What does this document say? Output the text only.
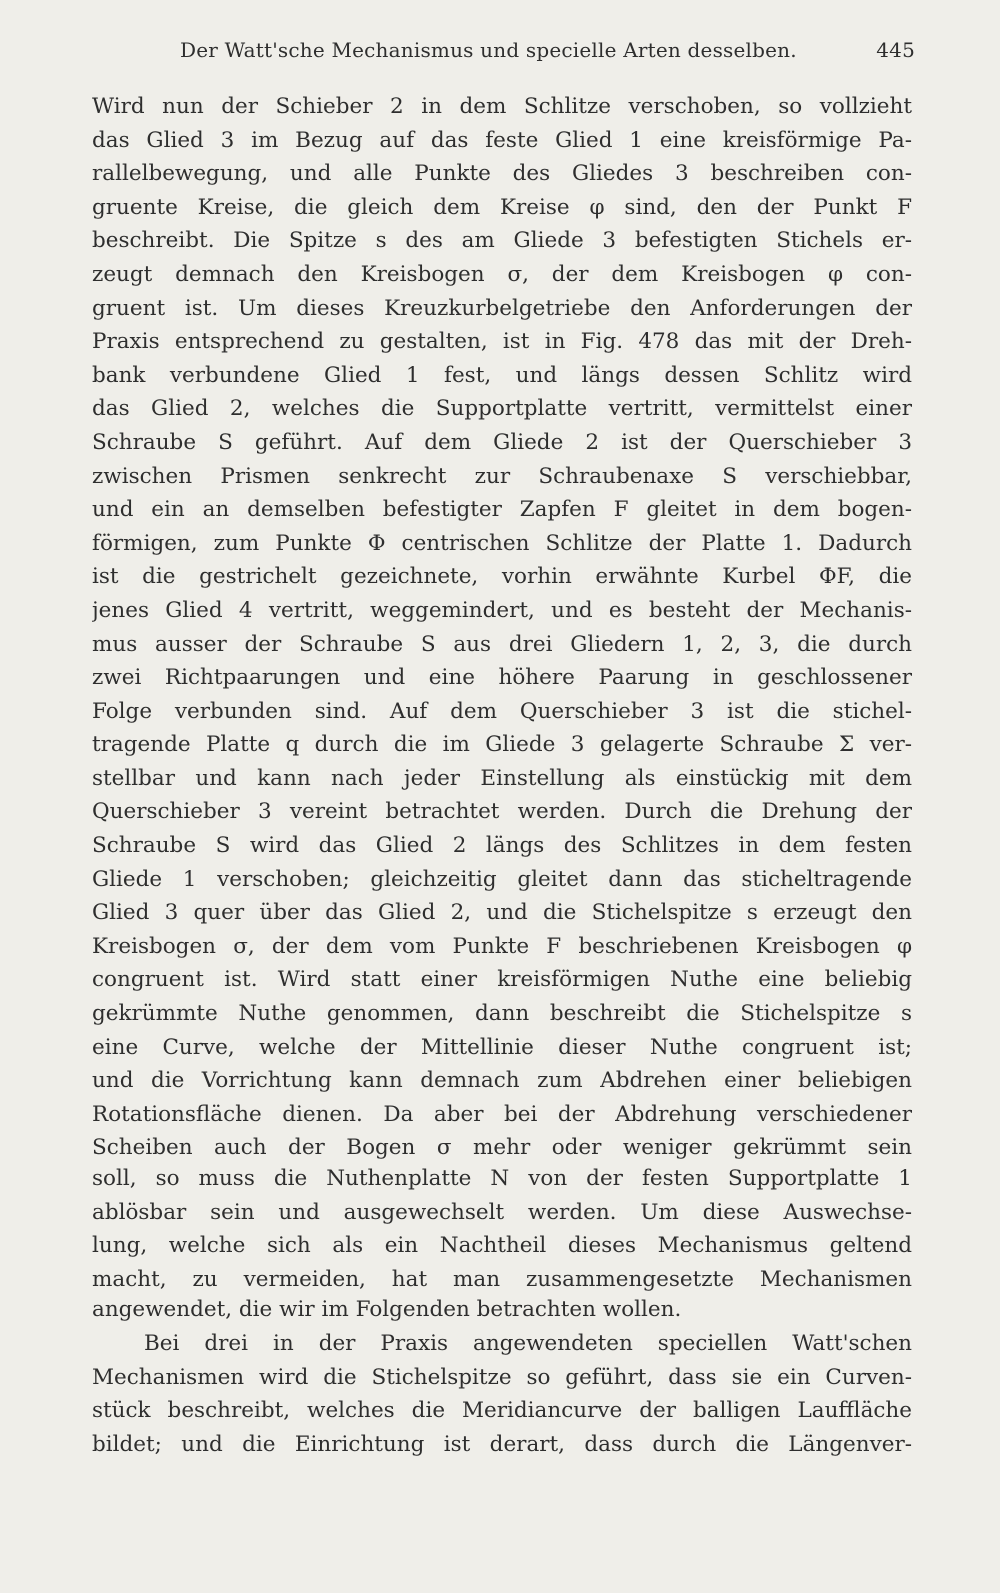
Der Watt'sche Mechanismus und specielle Arten desselben.	445
Wird nun der Schieber 2 in dem Schlitze verschoben, so vollzieht
das Glied 3 im Bezug auf das feste Glied 1 eine kreisförmige Pa-
rallelbewegung, und alle Punkte des Gliedes 3 beschreiben con-
gruente Kreise, die gleich dem Kreise φ sind, den der Punkt F
beschreibt. Die Spitze s des am Gliede 3 befestigten Stichels er-
zeugt demnach den Kreisbogen σ, der dem Kreisbogen φ con-
gruent ist. Um dieses Kreuzkurbelgetriebe den Anforderungen der
Praxis entsprechend zu gestalten, ist in Fig. 478 das mit der Dreh-
bank verbundene Glied 1 fest, und längs dessen Schlitz wird
das Glied 2, welches die Supportplatte vertritt, vermittelst einer
Schraube S geführt. Auf dem Gliede 2 ist der Querschieber 3
zwischen Prismen senkrecht zur Schraubenaxe S verschiebbar,
und ein an demselben befestigter Zapfen F gleitet in dem bogen-
förmigen, zum Punkte Φ centrischen Schlitze der Platte 1. Dadurch
ist die gestrichelt gezeichnete, vorhin erwähnte Kurbel ΦF, die
jenes Glied 4 vertritt, weggemindert, und es besteht der Mechanis-
mus ausser der Schraube S aus drei Gliedern 1, 2, 3, die durch
zwei Richtpaarungen und eine höhere Paarung in geschlossener
Folge verbunden sind. Auf dem Querschieber 3 ist die stichel-
tragende Platte q durch die im Gliede 3 gelagerte Schraube Σ ver-
stellbar und kann nach jeder Einstellung als einstückig mit dem
Querschieber 3 vereint betrachtet werden. Durch die Drehung der
Schraube S wird das Glied 2 längs des Schlitzes in dem festen
Gliede 1 verschoben; gleichzeitig gleitet dann das sticheltragende
Glied 3 quer über das Glied 2, und die Stichelspitze s erzeugt den
Kreisbogen σ, der dem vom Punkte F beschriebenen Kreisbogen φ
congruent ist. Wird statt einer kreisförmigen Nuthe eine beliebig
gekrümmte Nuthe genommen, dann beschreibt die Stichelspitze s
eine Curve, welche der Mittellinie dieser Nuthe congruent ist;
und die Vorrichtung kann demnach zum Abdrehen einer beliebigen
Rotationsfläche dienen. Da aber bei der Abdrehung verschiedener
Scheiben auch der Bogen σ mehr oder weniger gekrümmt sein
soll, so muss die Nuthenplatte N von der festen Supportplatte 1
ablösbar sein und ausgewechselt werden. Um diese Auswechse-
lung, welche sich als ein Nachtheil dieses Mechanismus geltend
macht, zu vermeiden, hat man zusammengesetzte Mechanismen
angewendet, die wir im Folgenden betrachten wollen.
Bei drei in der Praxis angewendeten speciellen Watt'schen
Mechanismen wird die Stichelspitze so geführt, dass sie ein Curven-
stück beschreibt, welches die Meridiancurve der balligen Lauffläche
bildet; und die Einrichtung ist derart, dass durch die Längenver-
